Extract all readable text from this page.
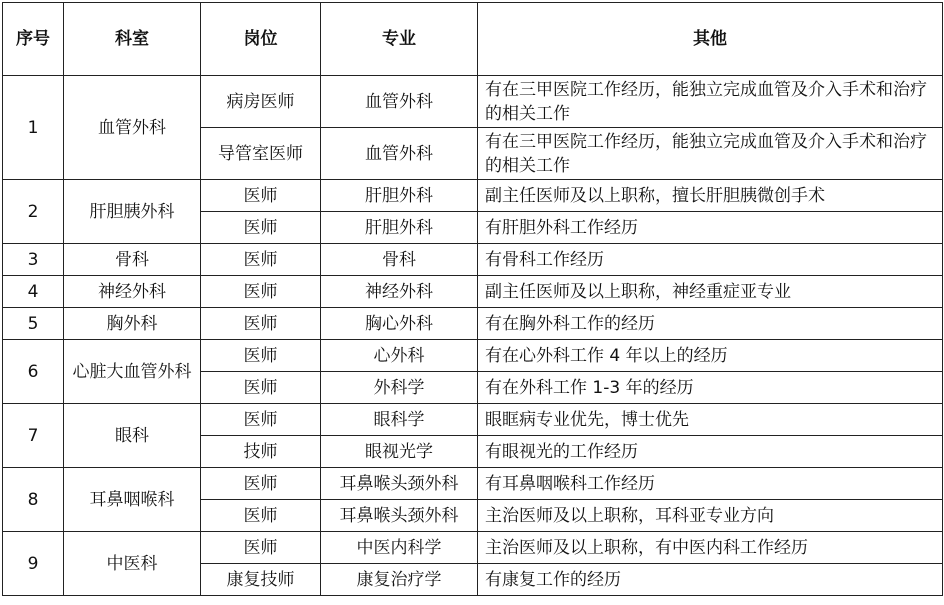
序号	科室	岗位	专业	其他
1	血管外科	病房医师	血管外科	有在三甲医院工作经历，能独立完成血管及介入手术和治疗的相关工作
		导管室医师	血管外科	有在三甲医院工作经历，能独立完成血管及介入手术和治疗的相关工作
2	肝胆胰外科	医师	肝胆外科	副主任医师及以上职称，擅长肝胆胰微创手术
		医师	肝胆外科	有肝胆外科工作经历
3	骨科	医师	骨科	有骨科工作经历
4	神经外科	医师	神经外科	副主任医师及以上职称，神经重症亚专业
5	胸外科	医师	胸心外科	有在胸外科工作的经历
6	心脏大血管外科	医师	心外科	有在心外科工作 4 年以上的经历
		医师	外科学	有在外科工作 1-3 年的经历
7	眼科	医师	眼科学	眼眶病专业优先，博士优先
		技师	眼视光学	有眼视光的工作经历
8	耳鼻咽喉科	医师	耳鼻喉头颈外科	有耳鼻咽喉科工作经历
		医师	耳鼻喉头颈外科	主治医师及以上职称，耳科亚专业方向
9	中医科	医师	中医内科学	主治医师及以上职称，有中医内科工作经历
		康复技师	康复治疗学	有康复工作的经历
